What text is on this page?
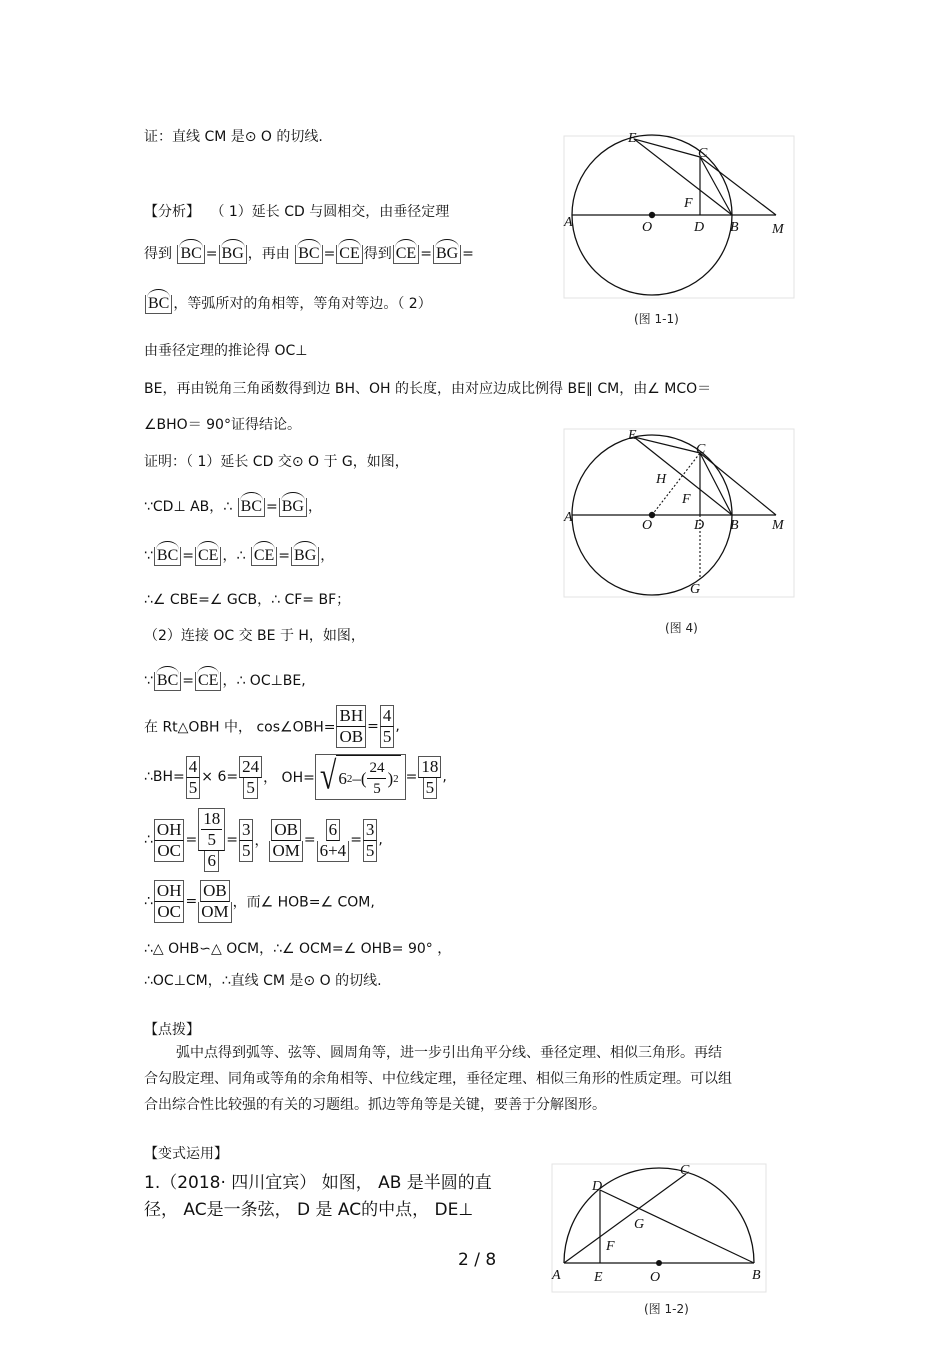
证：直线 CM 是⊙ O 的切线.
【分析】 （ 1）延长 CD 与圆相交，由垂径定理
得到 BC = BG ，再由 BC = CE 得到 CE = BG =
BC ，等弧所对的角相等，等角对等边。（ 2）
由垂径定理的推论得 OC⊥
BE，再由锐角三角函数得到边 BH、OH 的长度，由对应边成比例得 BE∥ CM，由∠ MCO＝
∠BHO＝ 90°证得结论。
证明：（ 1）延长 CD 交⊙ O 于 G，如图，
∵CD⊥ AB，∴ BC = BG ，
∵ BC = CE ，∴ CE = BG ，
∴∠ CBE=∠ GCB，∴ CF= BF；
（2）连接 OC 交 BE 于 H，如图，
∵ BC = CE ，∴ OC⊥BE,
在 Rt△OBH 中， cos∠OBH= $\frac{BH}{OB} = \frac{4}{5}$ ,
∴BH= $\frac{4}{5} \times 6= \frac{24}{5}$ ， OH= √ 6 2 –( $\frac{24}{5}$ ) $2 = \frac{18}{5}$ ,
∴ $\frac{OH}{OC} = \frac{\frac{18}{5}}{6} = \frac{3}{5}$ ， $\frac{OB}{OM} = \frac{6}{6+4} = \frac{3}{5}$ ,
∴ $\frac{OH}{OC} = \frac{OB}{OM}$ ，而∠ HOB=∠ COM,
∴△ OHB∽△ OCM，∴∠ OCM=∠ OHB= 90° ，
∴OC⊥CM，∴直线 CM 是⊙ O 的切线.
【点拨】
弧中点得到弧等、弦等、圆周角等，进一步引出角平分线、垂径定理、相似三角形。再结合勾股定理、同角或等角的余角相等、中位线定理，垂径定理、相似三角形的性质定理。可以组合出综合性比较强的有关的习题组。抓边等角等是关键，要善于分解图形。
【变式运用】
1.（2018· 四川宜宾） 如图， AB 是半圆的直
径， AC是一条弦， D 是 AC的中点， DE⊥
2 / 8
E
C
F
A	O	D B M
(图 1-1)
E
C
H
F
A
O	D B M
G
(图 4)
D
C
G
F
A E	O	B
(图 1-2)
